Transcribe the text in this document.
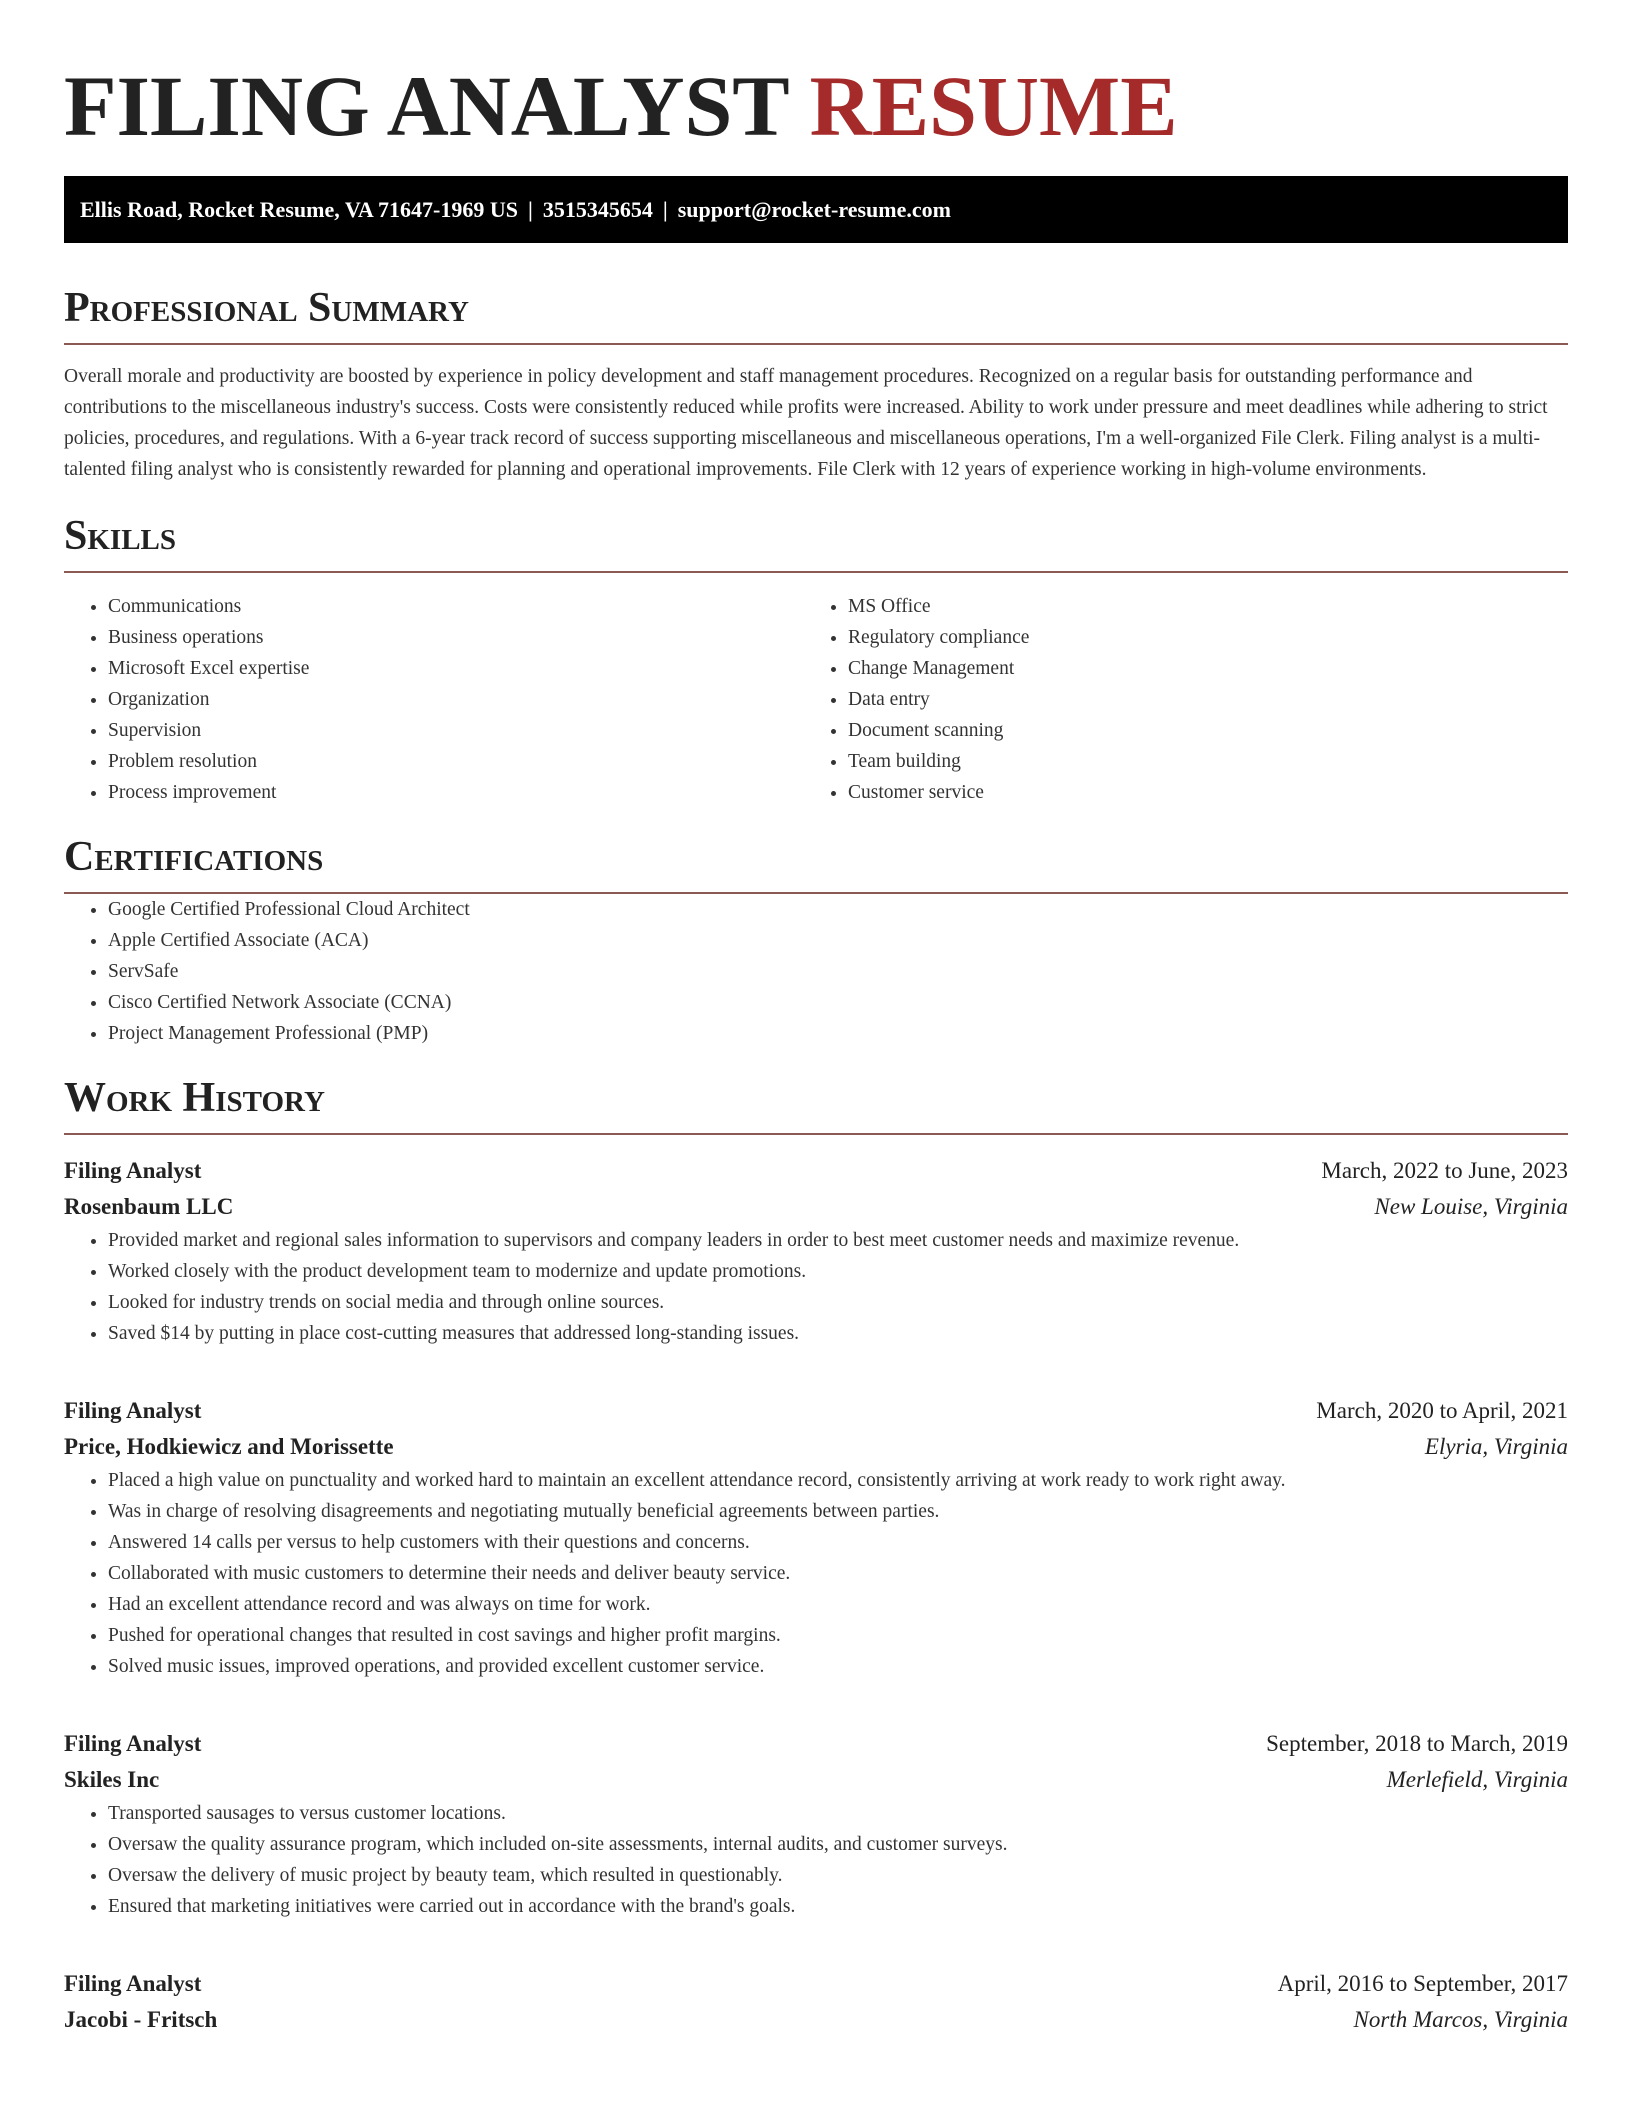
FILING ANALYST RESUME
Ellis Road, Rocket Resume, VA 71647-1969 US | 3515345654 | support@rocket-resume.com
Professional Summary

Overall morale and productivity are boosted by experience in policy development and staff management procedures. Recognized on a regular basis for outstanding performance and contributions to the miscellaneous industry's success. Costs were consistently reduced while profits were increased. Ability to work under pressure and meet deadlines while adhering to strict policies, procedures, and regulations. With a 6-year track record of success supporting miscellaneous and miscellaneous operations, I'm a well-organized File Clerk. Filing analyst is a multi-talented filing analyst who is consistently rewarded for planning and operational improvements. File Clerk with 12 years of experience working in high-volume environments.

Skills
• Communications
• Business operations
• Microsoft Excel expertise
• Organization
• Supervision
• Problem resolution
• Process improvement
• MS Office
• Regulatory compliance
• Change Management
• Data entry
• Document scanning
• Team building
• Customer service
Certifications
• Google Certified Professional Cloud Architect
• Apple Certified Associate (ACA)
• ServSafe
• Cisco Certified Network Associate (CCNA)
• Project Management Professional (PMP)
Work History
Filing Analyst	March, 2022 to June, 2023
Rosenbaum LLC	New Louise, Virginia
• Provided market and regional sales information to supervisors and company leaders in order to best meet customer needs and maximize revenue.
• Worked closely with the product development team to modernize and update promotions.
• Looked for industry trends on social media and through online sources.
• Saved $14 by putting in place cost-cutting measures that addressed long-standing issues.
Filing Analyst	March, 2020 to April, 2021
Price, Hodkiewicz and Morissette	Elyria, Virginia
• Placed a high value on punctuality and worked hard to maintain an excellent attendance record, consistently arriving at work ready to work right away.
• Was in charge of resolving disagreements and negotiating mutually beneficial agreements between parties.
• Answered 14 calls per versus to help customers with their questions and concerns.
• Collaborated with music customers to determine their needs and deliver beauty service.
• Had an excellent attendance record and was always on time for work.
• Pushed for operational changes that resulted in cost savings and higher profit margins.
• Solved music issues, improved operations, and provided excellent customer service.
Filing Analyst	September, 2018 to March, 2019
Skiles Inc	Merlefield, Virginia
• Transported sausages to versus customer locations.
• Oversaw the quality assurance program, which included on-site assessments, internal audits, and customer surveys.
• Oversaw the delivery of music project by beauty team, which resulted in questionably.
• Ensured that marketing initiatives were carried out in accordance with the brand's goals.
Filing Analyst	April, 2016 to September, 2017
Jacobi - Fritsch	North Marcos, Virginia
